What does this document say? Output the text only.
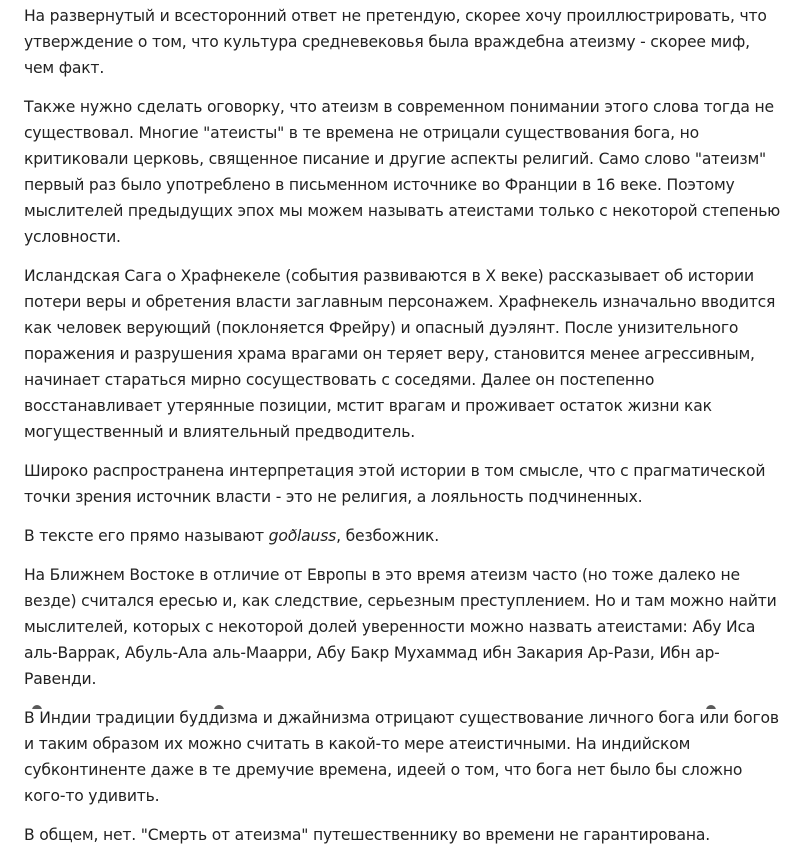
На развернутый и всесторонний ответ не претендую, скорее хочу проиллюстрировать, что утверждение о том, что культура средневековья была враждебна атеизму - скорее миф, чем факт.

Также нужно сделать оговорку, что атеизм в современном понимании этого слова тогда не существовал. Многие "атеисты" в те времена не отрицали существования бога, но критиковали церковь, священное писание и другие аспекты религий. Само слово "атеизм" первый раз было употреблено в письменном источнике во Франции в 16 веке. Поэтому мыслителей предыдущих эпох мы можем называть атеистами только с некоторой степенью условности.

Исландская Сага о Храфнекеле (события развиваются в X веке) рассказывает об истории потери веры и обретения власти заглавным персонажем. Храфнекель изначально вводится как человек верующий (поклоняется Фрейру) и опасный дуэлянт. После унизительного поражения и разрушения храма врагами он теряет веру, становится менее агрессивным, начинает стараться мирно сосуществовать с соседями. Далее он постепенно восстанавливает утерянные позиции, мстит врагам и проживает остаток жизни как могущественный и влиятельный предводитель.

Широко распространена интерпретация этой истории в том смысле, что с прагматической точки зрения источник власти - это не религия, а лояльность подчиненных.

В тексте его прямо называют goðlauss, безбожник.

На Ближнем Востоке в отличие от Европы в это время атеизм часто (но тоже далеко не везде) считался ересью и, как следствие, серьезным преступлением. Но и там можно найти мыслителей, которых с некоторой долей уверенности можно назвать атеистами: Абу Иса аль-Варрак, Абуль-Ала аль-Маарри, Абу Бакр Мухаммад ибн Закария Ар-Рази, Ибн ар-Равенди.

В Индии традиции буддизма и джайнизма отрицают существование личного бога или богов и таким образом их можно считать в какой-то мере атеистичными. На индийском субконтиненте даже в те дремучие времена, идеей о том, что бога нет было бы сложно кого-то удивить.

В общем, нет. "Смерть от атеизма" путешественнику во времени не гарантирована.
